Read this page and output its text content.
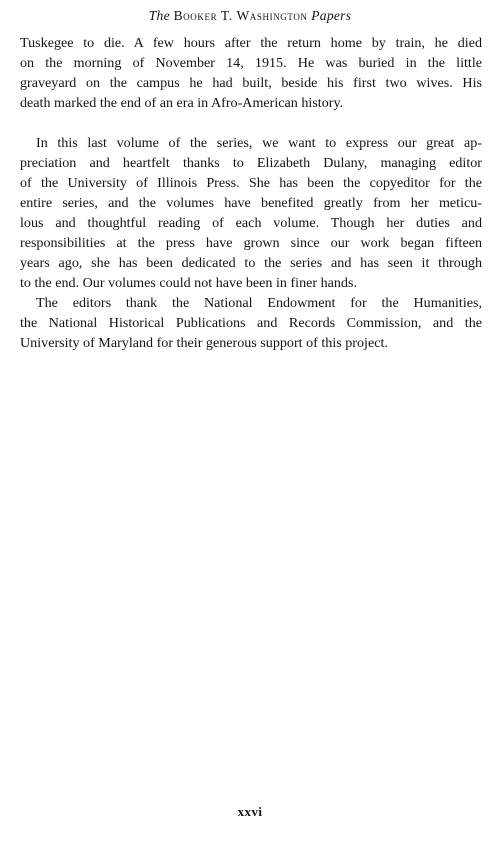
The Booker T. Washington Papers
Tuskegee to die. A few hours after the return home by train, he died
on the morning of November 14, 1915. He was buried in the little
graveyard on the campus he had built, beside his first two wives. His
death marked the end of an era in Afro-American history.
In this last volume of the series, we want to express our great ap-
preciation and heartfelt thanks to Elizabeth Dulany, managing editor
of the University of Illinois Press. She has been the copyeditor for the
entire series, and the volumes have benefited greatly from her meticu-
lous and thoughtful reading of each volume. Though her duties and
responsibilities at the press have grown since our work began fifteen
years ago, she has been dedicated to the series and has seen it through
to the end. Our volumes could not have been in finer hands.
The editors thank the National Endowment for the Humanities,
the National Historical Publications and Records Commission, and the
University of Maryland for their generous support of this project.
xxvi
